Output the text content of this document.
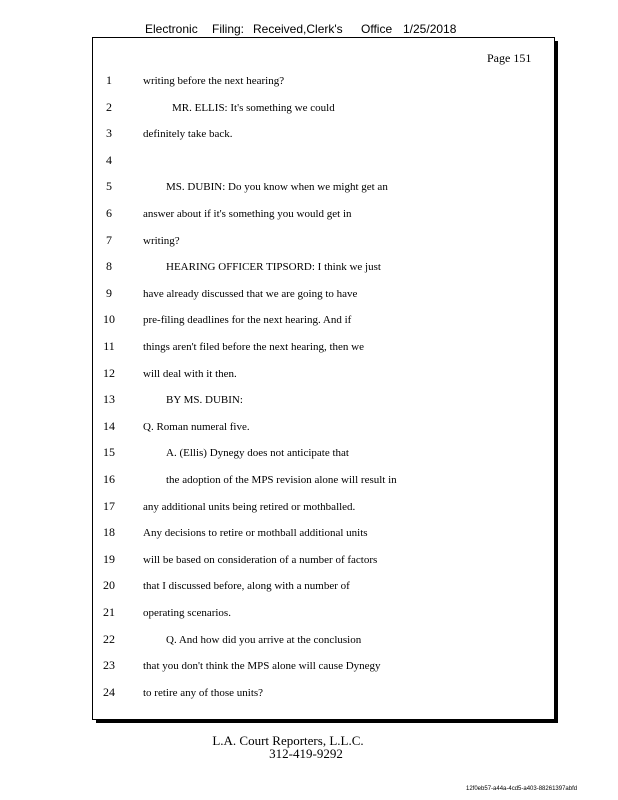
Electronic Filing: Received,Clerk's Office 1/25/2018
Page 151
1	writing before the next hearing?
2	MR. ELLIS: It's something we could
3	definitely take back.
4
5	MS. DUBIN: Do you know when we might get an
6	answer about if it's something you would get in
7	writing?
8	HEARING OFFICER TIPSORD: I think we just
9	have already discussed that we are going to have
10	pre-filing deadlines for the next hearing. And if
11	things aren't filed before the next hearing, then we
12	will deal with it then.
13	BY MS. DUBIN:
14	Q. Roman numeral five.
15	A. (Ellis) Dynegy does not anticipate that
16	the adoption of the MPS revision alone will result in
17	any additional units being retired or mothballed.
18	Any decisions to retire or mothball additional units
19	will be based on consideration of a number of factors
20	that I discussed before, along with a number of
21	operating scenarios.
22	Q. And how did you arrive at the conclusion
23	that you don't think the MPS alone will cause Dynegy
24	to retire any of those units?
L.A. Court Reporters, L.L.C.
312-419-9292
12f0eb57-a44a-4cd5-a403-88261397abfd
